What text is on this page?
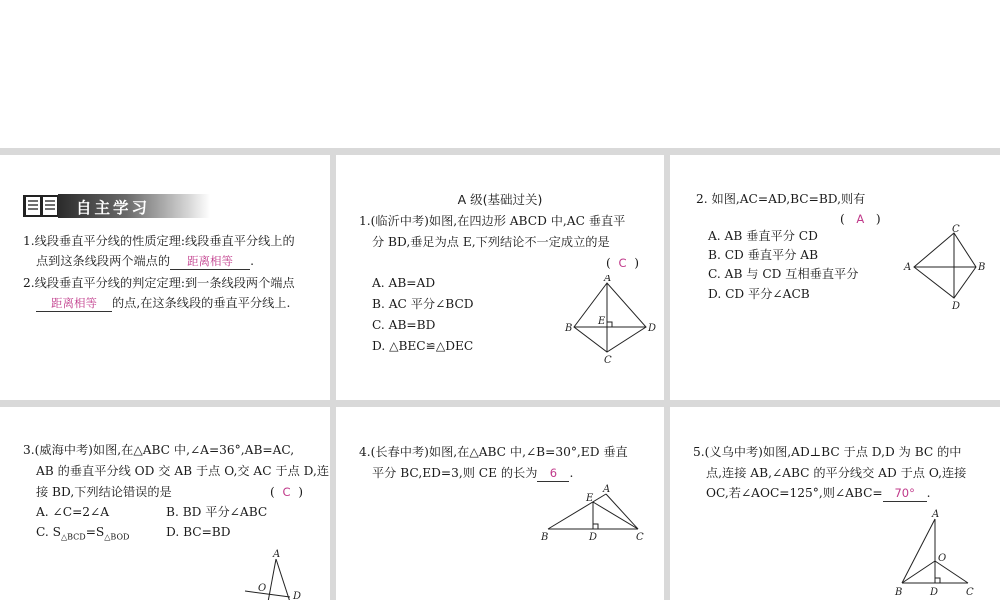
自主学习
1.线段垂直平分线的性质定理:线段垂直平分线上的
点到这条线段两个端点的 距离相等 .
2.线段垂直平分线的判定定理:到一条线段两个端点
距离相等 的点,在这条线段的垂直平分线上.
A 级(基础过关)
1.(临沂中考)如图,在四边形 ABCD 中,AC 垂直平
分 BD,垂足为点 E,下列结论不一定成立的是
(  C  )
A. AB=AD
B. AC 平分∠BCD
C. AB=BD
D. △BEC≌△DEC
A
B
E
D
C
2. 如图,AC=AD,BC=BD,则有
(   A   )
A. AB 垂直平分 CD
B. CD 垂直平分 AB
C. AB 与 CD 互相垂直平分
D. CD 平分∠ACB
C
A	B
D
3.(威海中考)如图,在△ABC 中,∠A=36°,AB=AC,
AB 的垂直平分线 OD 交 AB 于点 O,交 AC 于点 D,连
接 BD,下列结论错误的是	(  C  )
A. ∠C=2∠A	B. BD 平分∠ABC
C. $S_{\triangle BCD}=S_{\triangle BOD}$	D. BC=BD
A
O
D
4.(长春中考)如图,在△ABC 中,∠B=30°,ED 垂直
平分 BC,ED=3,则 CE 的长为 6 .
E
A
B	D	C
5.(义乌中考)如图,AD⊥BC 于点 D,D 为 BC 的中
点,连接 AB,∠ABC 的平分线交 AD 于点 O,连接
OC,若∠AOC=125°,则∠ABC= 70° .
A
O
B	D	C
